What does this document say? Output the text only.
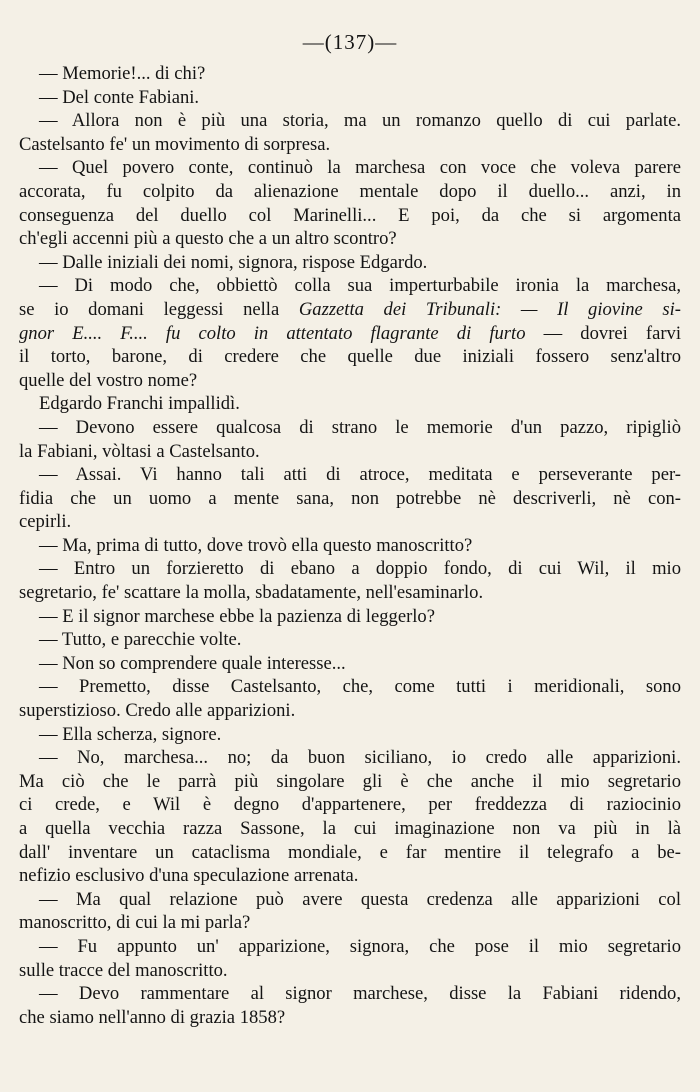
—(137)—
— Memorie!... di chi?
— Del conte Fabiani.
— Allora non è più una storia, ma un romanzo quello di cui parlate.
Castelsanto fe' un movimento di sorpresa.
— Quel povero conte, continuò la marchesa con voce che voleva parere
accorata, fu colpito da alienazione mentale dopo il duello... anzi, in
conseguenza del duello col Marinelli... E poi, da che si argomenta
ch'egli accenni più a questo che a un altro scontro?
— Dalle iniziali dei nomi, signora, rispose Edgardo.
— Di modo che, obbiettò colla sua imperturbabile ironia la marchesa,
se io domani leggessi nella Gazzetta dei Tribunali: — Il giovine si-
gnor E.... F.... fu colto in attentato flagrante di furto — dovrei farvi
il torto, barone, di credere che quelle due iniziali fossero senz'altro
quelle del vostro nome?
Edgardo Franchi impallidì.
— Devono essere qualcosa di strano le memorie d'un pazzo, ripigliò
la Fabiani, vòltasi a Castelsanto.
— Assai. Vi hanno tali atti di atroce, meditata e perseverante per-
fidia che un uomo a mente sana, non potrebbe nè descriverli, nè con-
cepirli.
— Ma, prima di tutto, dove trovò ella questo manoscritto?
— Entro un forzieretto di ebano a doppio fondo, di cui Wil, il mio
segretario, fe' scattare la molla, sbadatamente, nell'esaminarlo.
— E il signor marchese ebbe la pazienza di leggerlo?
— Tutto, e parecchie volte.
— Non so comprendere quale interesse...
— Premetto, disse Castelsanto, che, come tutti i meridionali, sono
superstizioso. Credo alle apparizioni.
— Ella scherza, signore.
— No, marchesa... no; da buon siciliano, io credo alle apparizioni.
Ma ciò che le parrà più singolare gli è che anche il mio segretario
ci crede, e Wil è degno d'appartenere, per freddezza di raziocinio
a quella vecchia razza Sassone, la cui imaginazione non va più in là
dall' inventare un cataclisma mondiale, e far mentire il telegrafo a be-
nefizio esclusivo d'una speculazione arrenata.
— Ma qual relazione può avere questa credenza alle apparizioni col
manoscritto, di cui la mi parla?
— Fu appunto un' apparizione, signora, che pose il mio segretario
sulle tracce del manoscritto.
— Devo rammentare al signor marchese, disse la Fabiani ridendo,
che siamo nell'anno di grazia 1858?
